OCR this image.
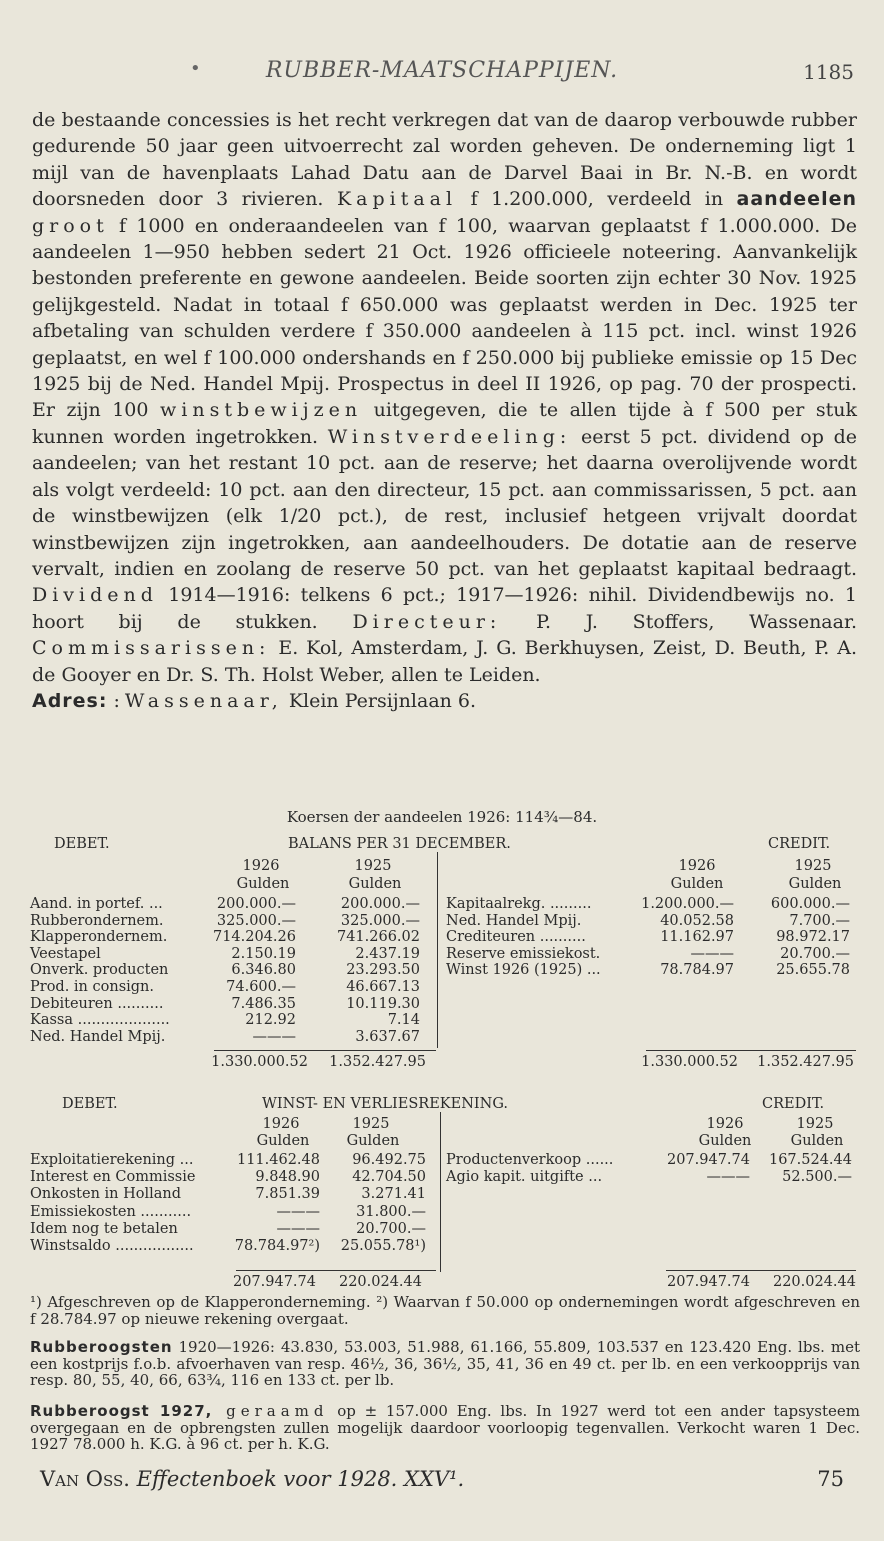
•	RUBBER-MAATSCHAPPIJEN.	1185

de bestaande concessies is het recht verkregen dat van de daarop verbouwde rubber gedurende 50 jaar geen uitvoerrecht zal worden geheven. De onderneming ligt 1 mijl van de havenplaats Lahad Datu aan de Darvel Baai in Br. N.-B. en wordt doorsneden door 3 rivieren. Kapitaal f 1.200.000, verdeeld in aandeelen groot f 1000 en onderaandeelen van f 100, waarvan geplaatst f 1.000.000. De aandeelen 1—950 hebben sedert 21 Oct. 1926 officieele noteering. Aanvankelijk bestonden preferente en gewone aandeelen. Beide soorten zijn echter 30 Nov. 1925 gelijkgesteld. Nadat in totaal f 650.000 was geplaatst werden in Dec. 1925 ter afbetaling van schulden verdere f 350.000 aandeelen à 115 pct. incl. winst 1926 geplaatst, en wel f 100.000 ondershands en f 250.000 bij publieke emissie op 15 Dec 1925 bij de Ned. Handel Mpij. Prospectus in deel II 1926, op pag. 70 der prospecti. Er zijn 100 winstbewijzen uitgegeven, die te allen tijde à f 500 per stuk kunnen worden ingetrokken. Winstverdeeling: eerst 5 pct. dividend op de aandeelen; van het restant 10 pct. aan de reserve; het daarna overolijvende wordt als volgt verdeeld: 10 pct. aan den directeur, 15 pct. aan commissarissen, 5 pct. aan de winstbewijzen (elk 1/20 pct.), de rest, inclusief hetgeen vrijvalt doordat winstbewijzen zijn ingetrokken, aan aandeelhouders. De dotatie aan de reserve vervalt, indien en zoolang de reserve 50 pct. van het geplaatst kapitaal bedraagt. Dividend 1914—1916: telkens 6 pct.; 1917—1926: nihil. Dividendbewijs no. 1 hoort bij de stukken. Directeur: P. J. Stoffers, Wassenaar. Commissarissen: E. Kol, Amsterdam, J. G. Berkhuysen, Zeist, D. Beuth, P. A. de Gooyer en Dr. S. Th. Holst Weber, allen te Leiden.

Adres: :Wassenaar, Klein Persijnlaan 6.

Koersen der aandeelen 1926: 114¾—84.
DEBET.	BALANS PER 31 DECEMBER.	CREDIT.
1926	1925
Gulden	Gulden
1926	1925
Gulden	Gulden
Aand. in portef. ...	200.000.—	200.000.—
Rubberondernem.	325.000.—	325.000.—
Klapperondernem.	714.204.26	741.266.02
Veestapel	2.150.19	2.437.19
Onverk. producten	6.346.80	23.293.50
Prod. in consign.	74.600.—	46.667.13
Debiteuren ..........	7.486.35	10.119.30
Kassa ....................	212.92	7.14
Ned. Handel Mpij.	———	3.637.67
Kapitaalrekg. .........	1.200.000.—	600.000.—
Ned. Handel Mpij.	40.052.58	7.700.—
Crediteuren ..........	11.162.97	98.972.17
Reserve emissiekost.	———	20.700.—
Winst 1926 (1925) ...	78.784.97	25.655.78
1.330.000.52	1.352.427.95	1.330.000.52	1.352.427.95
DEBET.	WINST- EN VERLIESREKENING.	CREDIT.
1926	1925
Gulden	Gulden
1926	1925
Gulden	Gulden
Exploitatierekening ...	111.462.48	96.492.75
Interest en Commissie	9.848.90	42.704.50
Onkosten in Holland	7.851.39	3.271.41
Emissiekosten ...........	———	31.800.—
Idem nog te betalen	———	20.700.—
Winstsaldo .................	78.784.97²)	25.055.78¹)
Productenverkoop ......	207.947.74	167.524.44
Agio kapit. uitgifte ...	———	52.500.—
207.947.74	220.024.44	207.947.74	220.024.44

¹) Afgeschreven op de Klapperonderneming. ²) Waarvan f 50.000 op ondernemingen wordt afgeschreven en f 28.784.97 op nieuwe rekening overgaat.

Rubberoogsten 1920—1926: 43.830, 53.003, 51.988, 61.166, 55.809, 103.537 en 123.420 Eng. lbs. met een kostprijs f.o.b. afvoerhaven van resp. 46½, 36, 36½, 35, 41, 36 en 49 ct. per lb. en een verkoopprijs van resp. 80, 55, 40, 66, 63¾, 116 en 133 ct. per lb.

Rubberoogst 1927, geraamd op ± 157.000 Eng. lbs. In 1927 werd tot een ander tapsysteem overgegaan en de opbrengsten zullen mogelijk daardoor voorloopig tegenvallen. Verkocht waren 1 Dec. 1927 78.000 h. K.G. à 96 ct. per h. K.G.

Van Oss. Effectenboek voor 1928. XXV¹.	75
